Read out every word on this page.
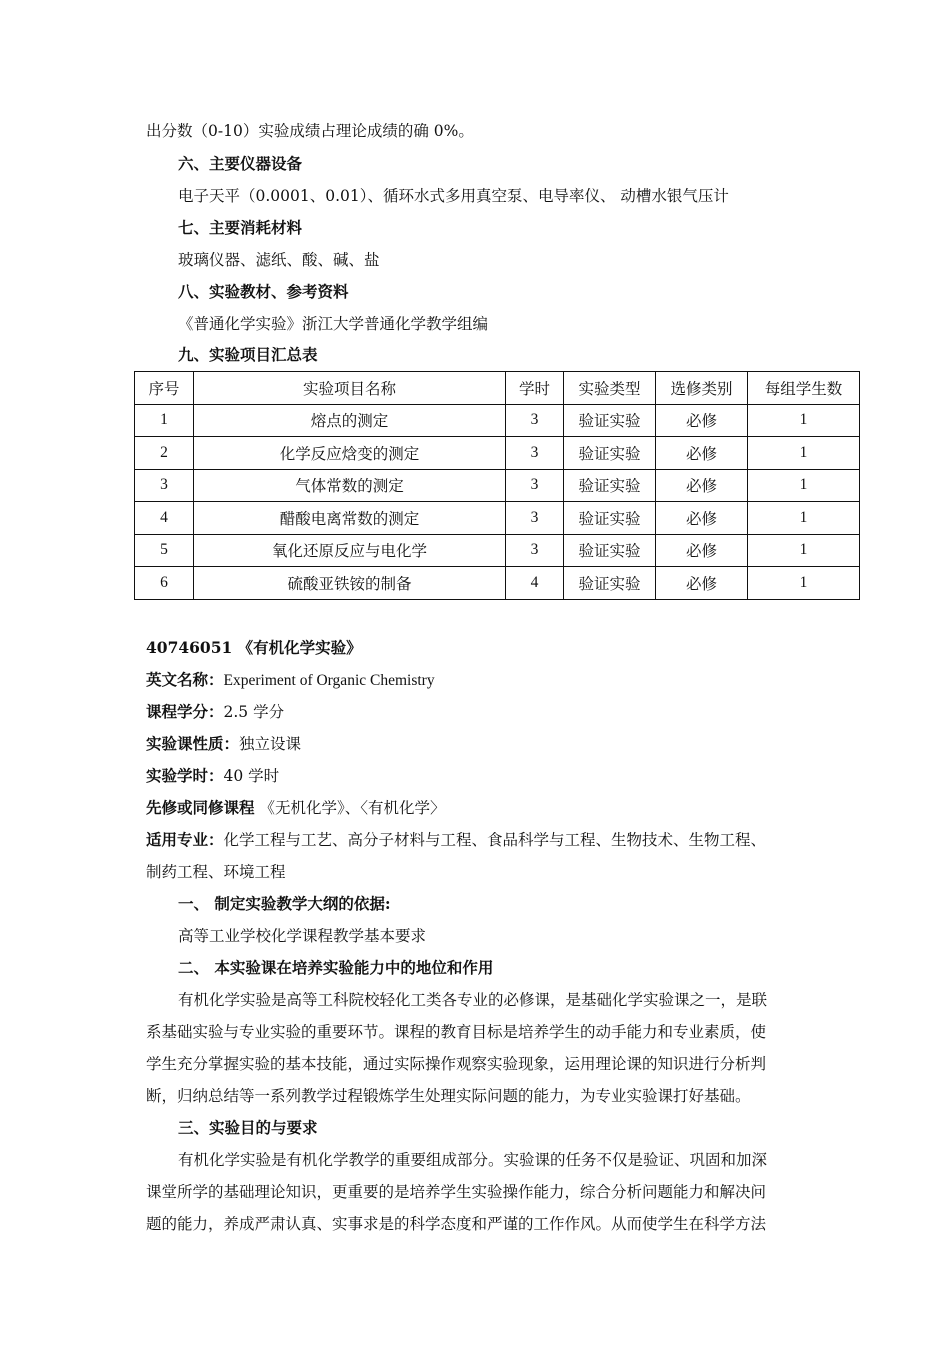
出分数（0-10）实验成绩占理论成绩的确 0%。
六、主要仪器设备
电子天平（0.0001、0.01）、循环水式多用真空泵、电导率仪、 动槽水银气压计
七、主要消耗材料
玻璃仪器、滤纸、酸、碱、盐
八、实验教材、参考资料
《普通化学实验》浙江大学普通化学教学组编
九、实验项目汇总表
序号	实验项目名称	学时	实验类型	选修类别	每组学生数
1	熔点的测定	3	验证实验	必修	1
2	化学反应焓变的测定	3	验证实验	必修	1
3	气体常数的测定	3	验证实验	必修	1
4	醋酸电离常数的测定	3	验证实验	必修	1
5	氧化还原反应与电化学	3	验证实验	必修	1
6	硫酸亚铁铵的制备	4	验证实验	必修	1
40746051 《有机化学实验》
英文名称：Experiment of Organic Chemistry
课程学分：2.5 学分
实验课性质：独立设课
实验学时：40 学时
先修或同修课程 《无机化学》、〈有机化学〉
适用专业：化学工程与工艺、高分子材料与工程、食品科学与工程、生物技术、生物工程、
制药工程、环境工程
一、 制定实验教学大纲的依据:
高等工业学校化学课程教学基本要求
二、 本实验课在培养实验能力中的地位和作用
有机化学实验是高等工科院校轻化工类各专业的必修课，是基础化学实验课之一，是联
系基础实验与专业实验的重要环节。课程的教育目标是培养学生的动手能力和专业素质，使
学生充分掌握实验的基本技能，通过实际操作观察实验现象，运用理论课的知识进行分析判
断，归纳总结等一系列教学过程锻炼学生处理实际问题的能力，为专业实验课打好基础。
三、实验目的与要求
有机化学实验是有机化学教学的重要组成部分。实验课的任务不仅是验证、巩固和加深
课堂所学的基础理论知识，更重要的是培养学生实验操作能力，综合分析问题能力和解决问
题的能力，养成严肃认真、实事求是的科学态度和严谨的工作作风。从而使学生在科学方法
